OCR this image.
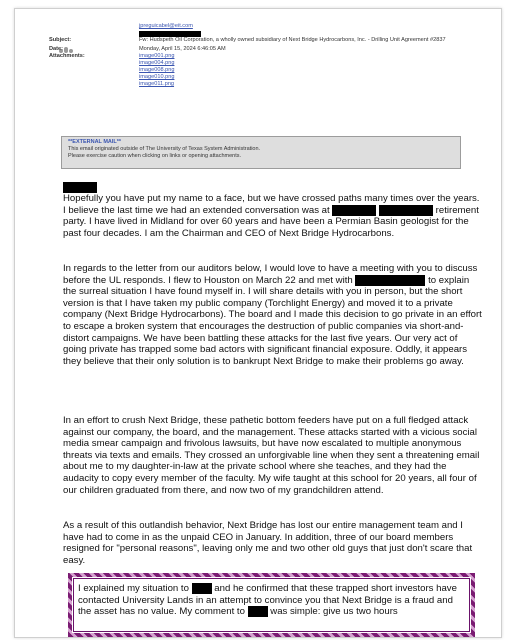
jpreguicabel@eit.com
Subject:	Fw: Hudspeth Oil Corporation, a wholly owned subsidiary of Next Bridge Hydrocarbons, Inc. - Drilling Unit Agreement #2837
Date:	Monday, April 15, 2024 6:46:05 AM
Attachments:	image001.png
image004.png
image008.png
image010.png
image011.png
**EXTERNAL MAIL**
This email originated outside of The University of Texas System Administration.
Please exercise caution when clicking on links or opening attachments.

Hopefully you have put my name to a face, but we have crossed paths many times over the years. I believe the last time we had an extended conversation was at	retirement party. I have lived in Midland for over 60 years and have been a Permian Basin geologist for the past four decades. I am the Chairman and CEO of Next Bridge Hydrocarbons.

In regards to the letter from our auditors below, I would love to have a meeting with you to discuss before the UL responds. I flew to Houston on March 22 and met with	to explain the surreal situation I have found myself in. I will share details with you in person, but the short version is that I have taken my public company (Torchlight Energy) and moved it to a private company (Next Bridge Hydrocarbons). The board and I made this decision to go private in an effort to escape a broken system that encourages the destruction of public companies via short-and-distort campaigns. We have been battling these attacks for the last five years. Our very act of going private has trapped some bad actors with significant financial exposure. Oddly, it appears they believe that their only solution is to bankrupt Next Bridge to make their problems go away.

In an effort to crush Next Bridge, these pathetic bottom feeders have put on a full fledged attack against our company, the board, and the management. These attacks started with a vicious social media smear campaign and frivolous lawsuits, but have now escalated to multiple anonymous threats via texts and emails. They crossed an unforgivable line when they sent a threatening email about me to my daughter-in-law at the private school where she teaches, and they had the audacity to copy every member of the faculty. My wife taught at this school for 20 years, all four of our children graduated from there, and now two of my grandchildren attend.

As a result of this outlandish behavior, Next Bridge has lost our entire management team and I have had to come in as the unpaid CEO in January. In addition, three of our board members resigned for "personal reasons", leaving only me and two other old guys that just don't scare that easy.

I explained my situation to	and he confirmed that these trapped short investors have contacted University Lands in an attempt to convince you that Next Bridge is a fraud and the asset has no value. My comment to	was simple: give us two hours
